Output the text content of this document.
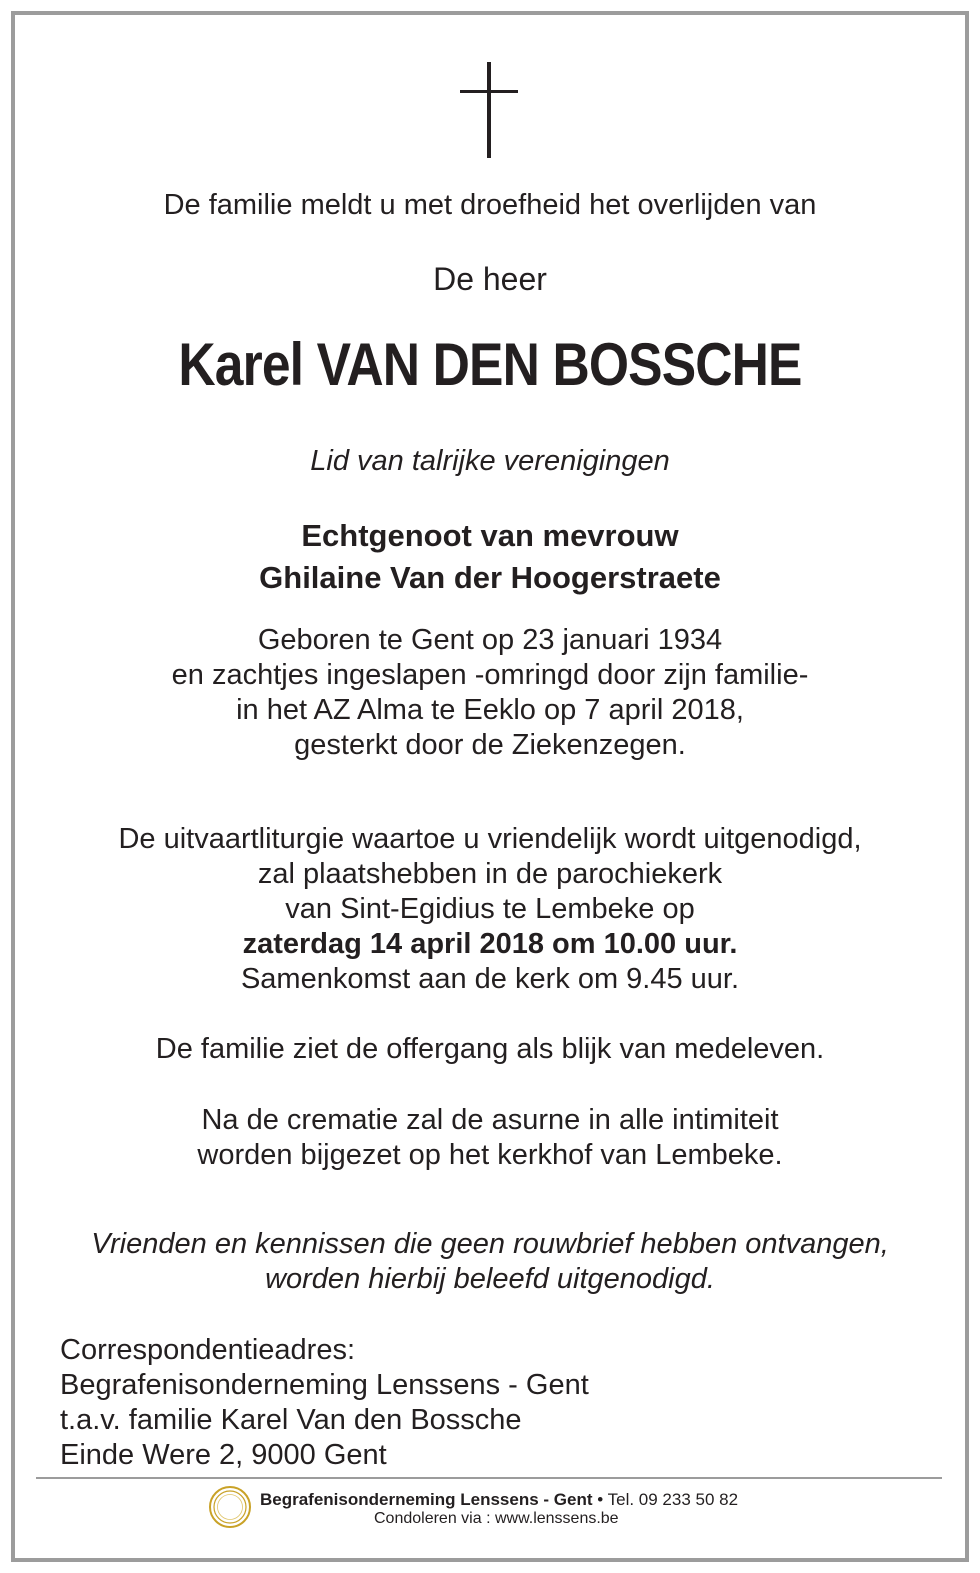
De familie meldt u met droefheid het overlijden van
De heer
Karel VAN DEN BOSSCHE
Lid van talrijke verenigingen
Echtgenoot van mevrouw
Ghilaine Van der Hoogerstraete
Geboren te Gent op 23 januari 1934
en zachtjes ingeslapen -omringd door zijn familie-
in het AZ Alma te Eeklo op 7 april 2018,
gesterkt door de Ziekenzegen.
De uitvaartliturgie waartoe u vriendelijk wordt uitgenodigd,
zal plaatshebben in de parochiekerk
van Sint-Egidius te Lembeke op
zaterdag 14 april 2018 om 10.00 uur.
Samenkomst aan de kerk om 9.45 uur.
De familie ziet de offergang als blijk van medeleven.
Na de crematie zal de asurne in alle intimiteit
worden bijgezet op het kerkhof van Lembeke.
Vrienden en kennissen die geen rouwbrief hebben ontvangen,
worden hierbij beleefd uitgenodigd.
Correspondentieadres:
Begrafenisonderneming Lenssens - Gent
t.a.v. familie Karel Van den Bossche
Einde Were 2, 9000 Gent
Begrafenisonderneming Lenssens - Gent • Tel. 09 233 50 82
Condoleren via : www.lenssens.be
